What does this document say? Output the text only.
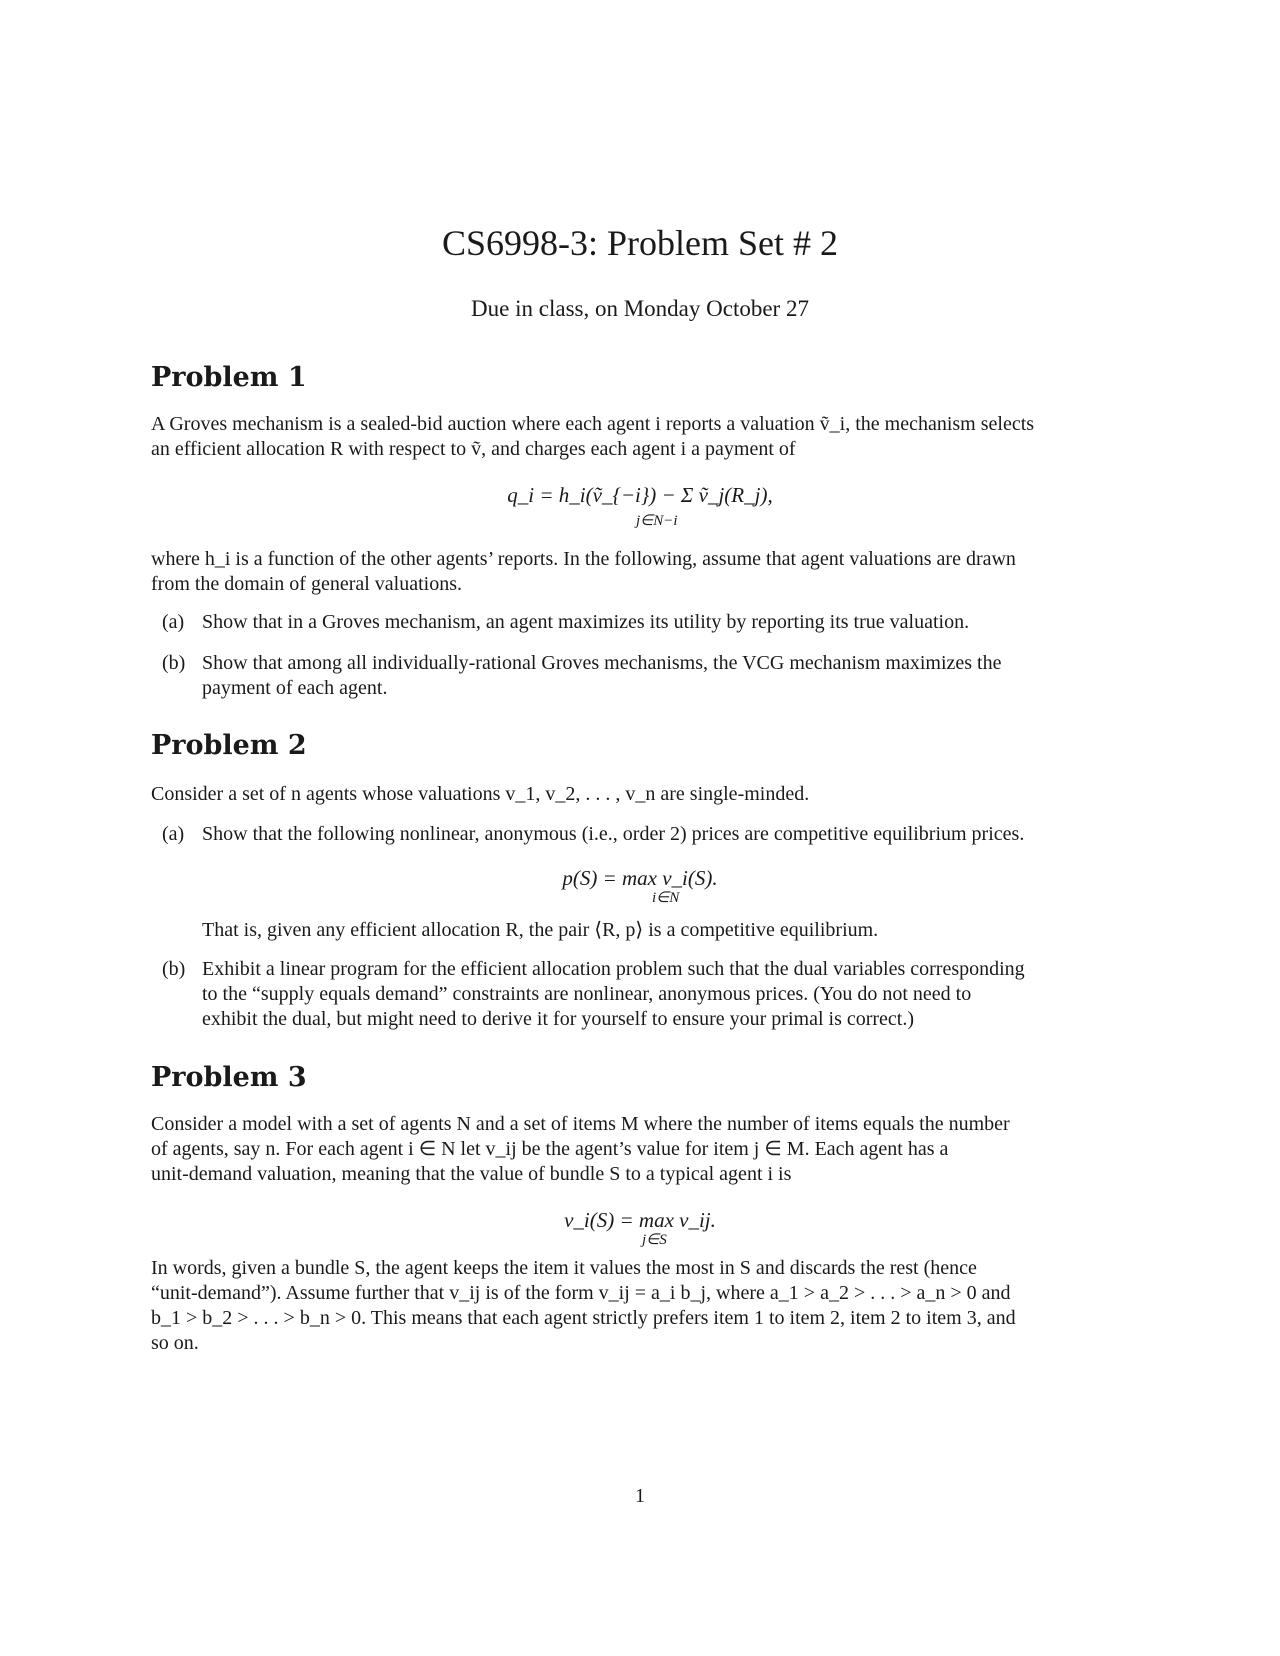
CS6998-3: Problem Set # 2
Due in class, on Monday October 27
Problem 1
A Groves mechanism is a sealed-bid auction where each agent i reports a valuation ṽ_i, the mechanism selects
an efficient allocation R with respect to ṽ, and charges each agent i a payment of
q_i = h_i(ṽ_{−i}) − Σ ṽ_j(R_j),
j∈N−i
where h_i is a function of the other agents’ reports. In the following, assume that agent valuations are drawn
from the domain of general valuations.
(a) Show that in a Groves mechanism, an agent maximizes its utility by reporting its true valuation.
(b) Show that among all individually-rational Groves mechanisms, the VCG mechanism maximizes the
payment of each agent.
Problem 2
Consider a set of n agents whose valuations v_1, v_2, . . . , v_n are single-minded.
(a) Show that the following nonlinear, anonymous (i.e., order 2) prices are competitive equilibrium prices.
p(S) = max v_i(S).
i∈N
That is, given any efficient allocation R, the pair ⟨R, p⟩ is a competitive equilibrium.
(b) Exhibit a linear program for the efficient allocation problem such that the dual variables corresponding
to the “supply equals demand” constraints are nonlinear, anonymous prices. (You do not need to
exhibit the dual, but might need to derive it for yourself to ensure your primal is correct.)
Problem 3
Consider a model with a set of agents N and a set of items M where the number of items equals the number
of agents, say n. For each agent i ∈ N let v_ij be the agent’s value for item j ∈ M. Each agent has a
unit-demand valuation, meaning that the value of bundle S to a typical agent i is
v_i(S) = max v_ij.
j∈S
In words, given a bundle S, the agent keeps the item it values the most in S and discards the rest (hence
“unit-demand”). Assume further that v_ij is of the form v_ij = a_i b_j, where a_1 > a_2 > . . . > a_n > 0 and
b_1 > b_2 > . . . > b_n > 0. This means that each agent strictly prefers item 1 to item 2, item 2 to item 3, and
so on.
1
